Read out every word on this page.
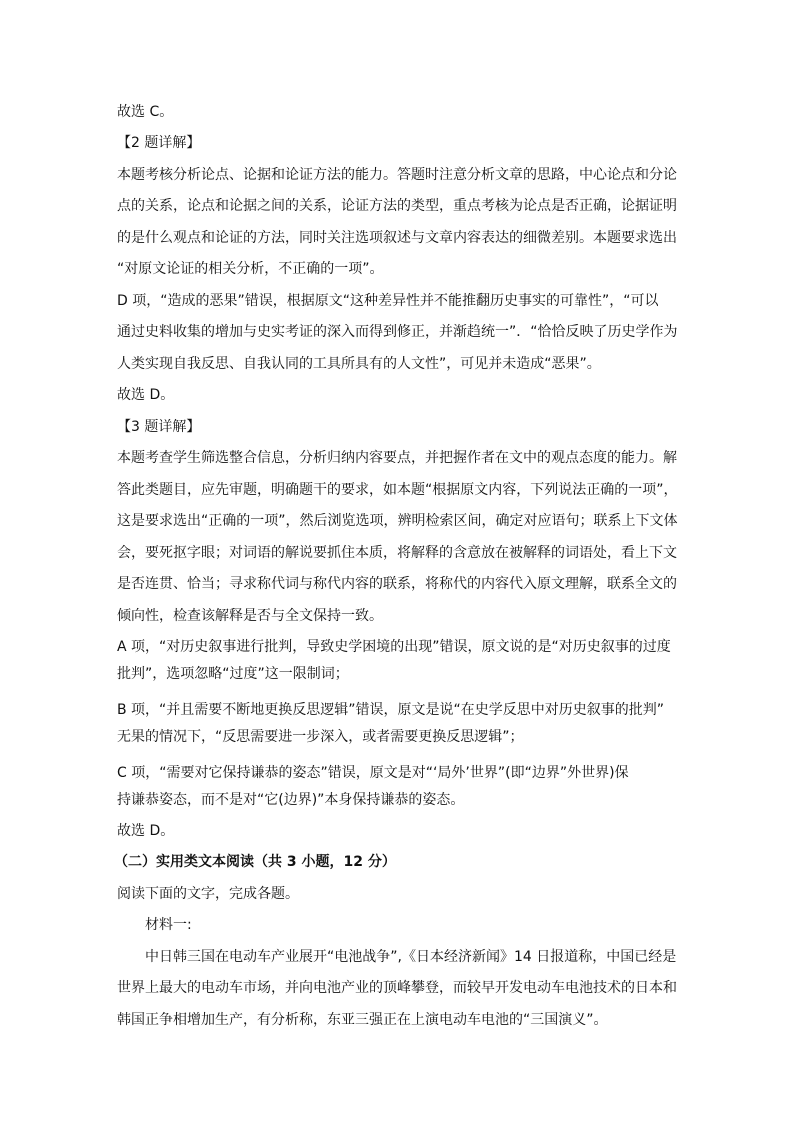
故选 C。
【2 题详解】
本题考核分析论点、论据和论证方法的能力。答题时注意分析文章的思路，中心论点和分论
点的关系，论点和论据之间的关系，论证方法的类型，重点考核为论点是否正确，论据证明
的是什么观点和论证的方法，同时关注选项叙述与文章内容表达的细微差别。本题要求选出
“对原文论证的相关分析，不正确的一项”。
D 项，“造成的恶果”错误，根据原文“这种差异性并不能推翻历史事实的可靠性”，“可以
通过史料收集的增加与史实考证的深入而得到修正，并渐趋统一”．“恰恰反映了历史学作为
人类实现自我反思、自我认同的工具所具有的人文性”，可见并未造成“恶果”。
故选 D。
【3 题详解】
本题考查学生筛选整合信息，分析归纳内容要点，并把握作者在文中的观点态度的能力。解
答此类题目，应先审题，明确题干的要求，如本题“根据原文内容，下列说法正确的一项”，
这是要求选出“正确的一项”，然后浏览选项，辨明检索区间，确定对应语句；联系上下文体
会，要死抠字眼；对词语的解说要抓住本质，将解释的含意放在被解释的词语处，看上下文
是否连贯、恰当；寻求称代词与称代内容的联系，将称代的内容代入原文理解，联系全文的
倾向性，检查该解释是否与全文保持一致。
A 项，“对历史叙事进行批判，导致史学困境的出现”错误，原文说的是“对历史叙事的过度
批判”，选项忽略“过度”这一限制词；
B 项，“并且需要不断地更换反思逻辑”错误，原文是说“在史学反思中对历史叙事的批判”
无果的情况下，“反思需要进一步深入，或者需要更换反思逻辑”；
C 项，“需要对它保持谦恭的姿态”错误，原文是对“‘局外’世界”(即“边界”外世界)保
持谦恭姿态，而不是对“它(边界)”本身保持谦恭的姿态。
故选 D。
（二）实用类文本阅读（共 3 小题，12 分）
阅读下面的文字，完成各题。
材料一:
中日韩三国在电动车产业展开“电池战争”,《日本经济新闻》14 日报道称，中国已经是
世界上最大的电动车市场，并向电池产业的顶峰攀登，而较早开发电动车电池技术的日本和
韩国正争相增加生产，有分析称，东亚三强正在上演电动车电池的“三国演义”。
